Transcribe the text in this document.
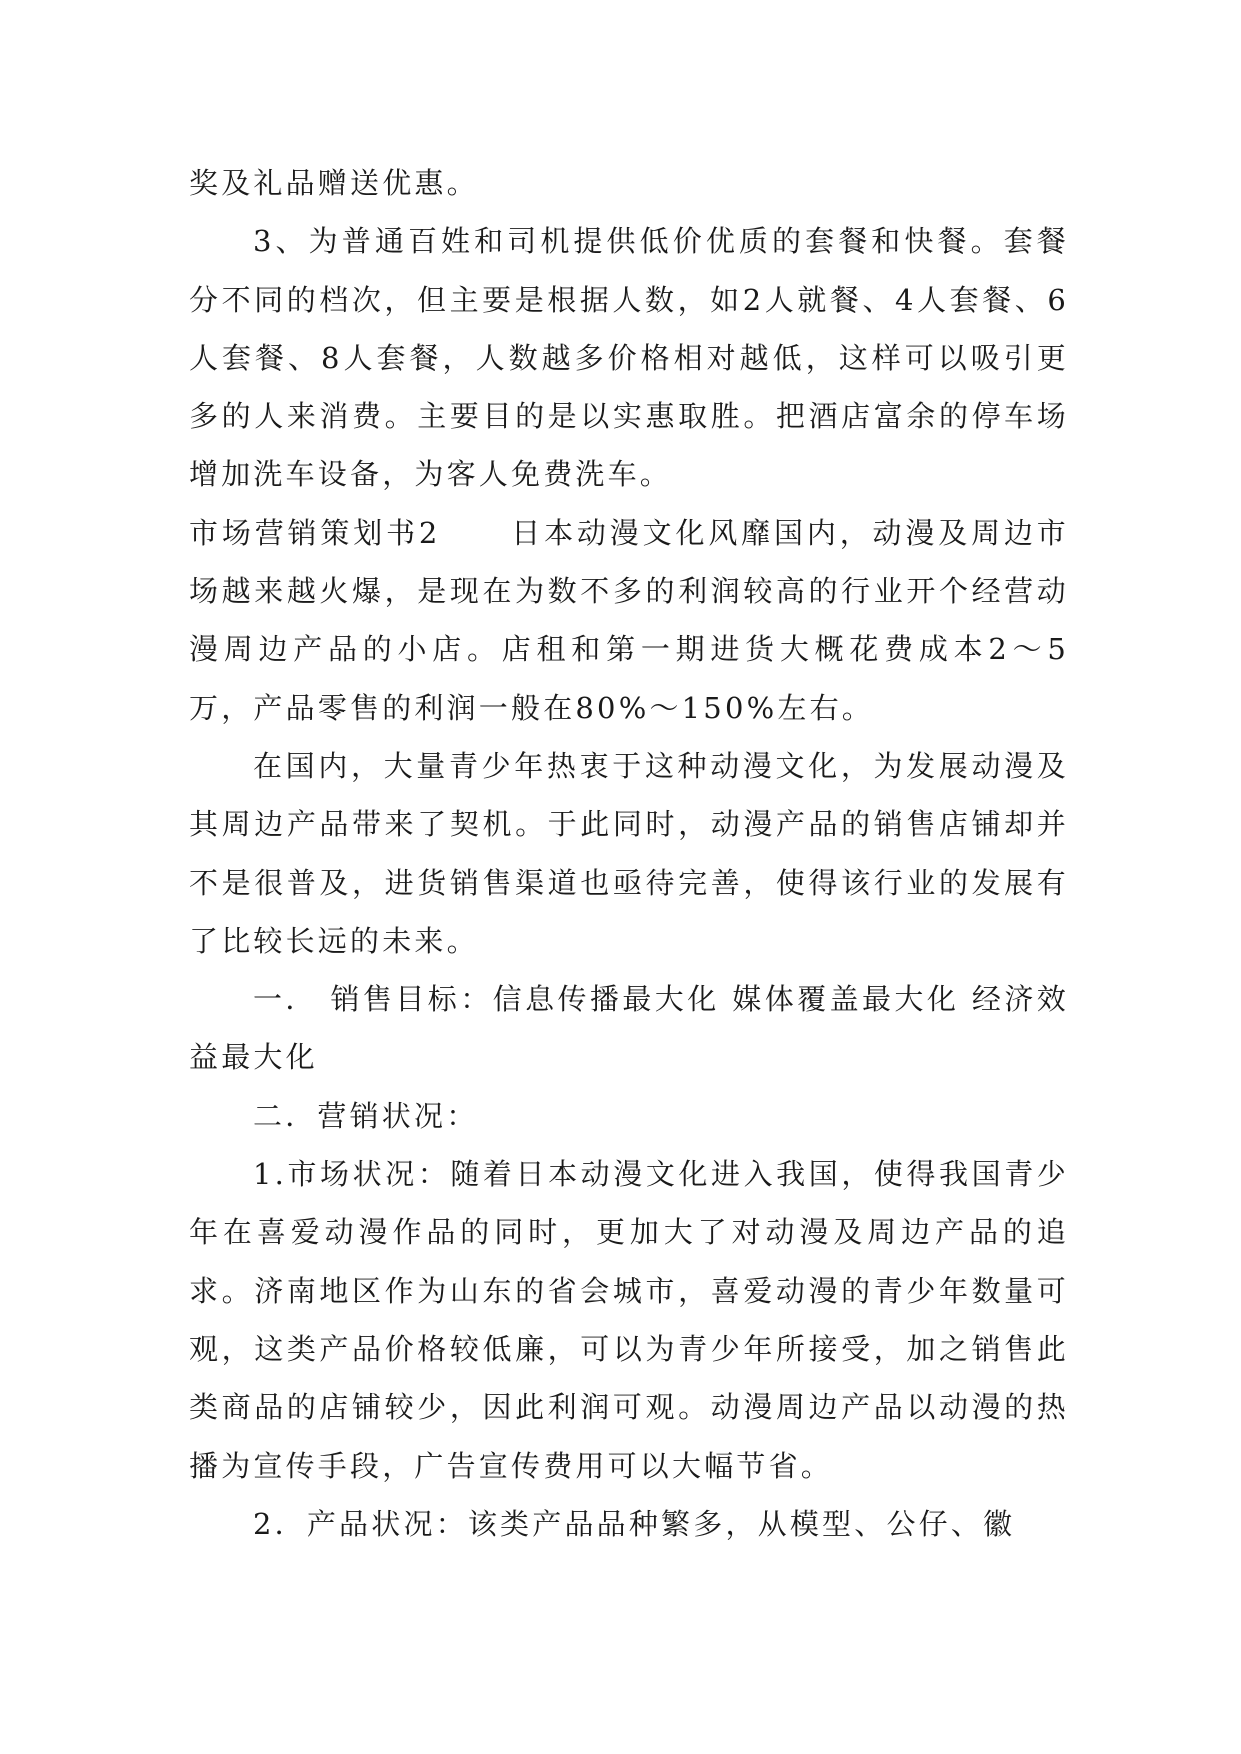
奖及礼品赠送优惠。

3、为普通百姓和司机提供低价优质的套餐和快餐。套餐分不同的档次，但主要是根据人数，如2人就餐、4人套餐、6人套餐、8人套餐，人数越多价格相对越低，这样可以吸引更多的人来消费。主要目的是以实惠取胜。把酒店富余的停车场增加洗车设备，为客人免费洗车。

市场营销策划书2 日本动漫文化风靡国内，动漫及周边市场越来越火爆，是现在为数不多的利润较高的行业开个经营动漫周边产品的小店。店租和第一期进货大概花费成本2～5万，产品零售的利润一般在80%～150%左右。

在国内，大量青少年热衷于这种动漫文化，为发展动漫及其周边产品带来了契机。于此同时，动漫产品的销售店铺却并不是很普及，进货销售渠道也亟待完善，使得该行业的发展有了比较长远的未来。

一． 销售目标：信息传播最大化 媒体覆盖最大化 经济效益最大化

二．营销状况：

1.市场状况：随着日本动漫文化进入我国，使得我国青少年在喜爱动漫作品的同时，更加大了对动漫及周边产品的追求。济南地区作为山东的省会城市，喜爱动漫的青少年数量可观，这类产品价格较低廉，可以为青少年所接受，加之销售此类商品的店铺较少，因此利润可观。动漫周边产品以动漫的热播为宣传手段，广告宣传费用可以大幅节省。

2．产品状况：该类产品品种繁多，从模型、公仔、徽
